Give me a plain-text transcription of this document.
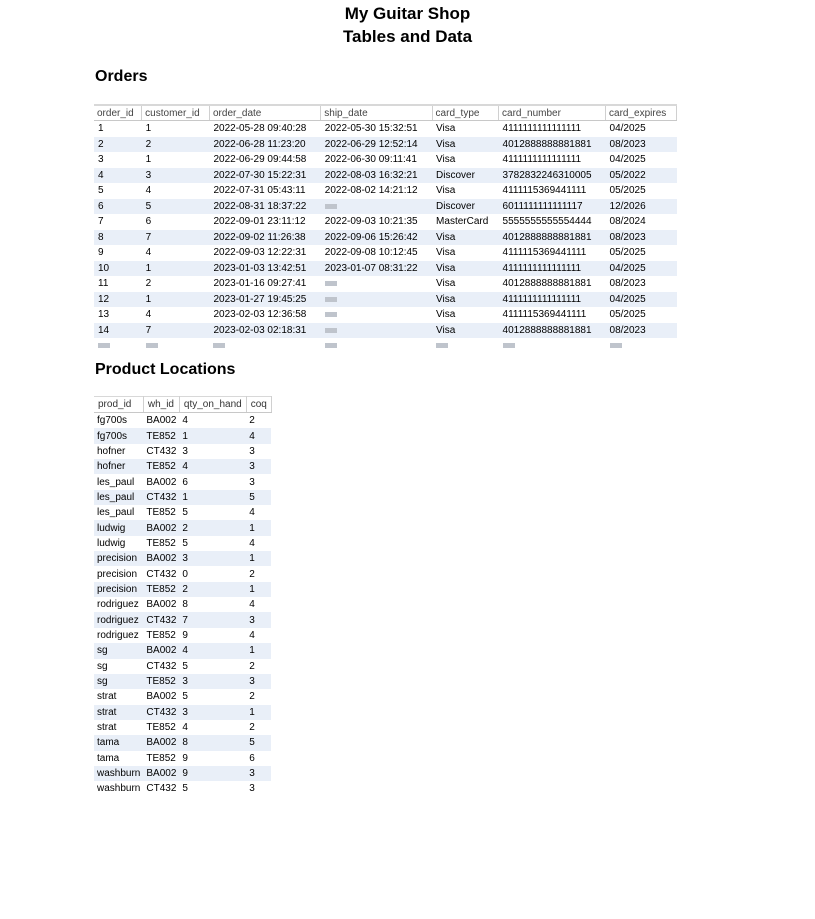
My Guitar Shop
Tables and Data
Orders
order_id	customer_id	order_date	ship_date	card_type	card_number	card_expires
1	1	2022-05-28 09:40:28	2022-05-30 15:32:51	Visa	4111111111111111	04/2025
2	2	2022-06-28 11:23:20	2022-06-29 12:52:14	Visa	4012888888881881	08/2023
3	1	2022-06-29 09:44:58	2022-06-30 09:11:41	Visa	4111111111111111	04/2025
4	3	2022-07-30 15:22:31	2022-08-03 16:32:21	Discover	3782832246310005	05/2022
5	4	2022-07-31 05:43:11	2022-08-02 14:21:12	Visa	4111115369441111	05/2025
6	5	2022-08-31 18:37:22		Discover	6011111111111117	12/2026
7	6	2022-09-01 23:11:12	2022-09-03 10:21:35	MasterCard	5555555555554444	08/2024
8	7	2022-09-02 11:26:38	2022-09-06 15:26:42	Visa	4012888888881881	08/2023
9	4	2022-09-03 12:22:31	2022-09-08 10:12:45	Visa	4111115369441111	05/2025
10	1	2023-01-03 13:42:51	2023-01-07 08:31:22	Visa	4111111111111111	04/2025
11	2	2023-01-16 09:27:41		Visa	4012888888881881	08/2023
12	1	2023-01-27 19:45:25		Visa	4111111111111111	04/2025
13	4	2023-02-03 12:36:58		Visa	4111115369441111	05/2025
14	7	2023-02-03 02:18:31		Visa	4012888888881881	08/2023

Product Locations
prod_id	wh_id	qty_on_hand	coq
fg700s	BA002	4	2
fg700s	TE852	1	4
hofner	CT432	3	3
hofner	TE852	4	3
les_paul	BA002	6	3
les_paul	CT432	1	5
les_paul	TE852	5	4
ludwig	BA002	2	1
ludwig	TE852	5	4
precision	BA002	3	1
precision	CT432	0	2
precision	TE852	2	1
rodriguez	BA002	8	4
rodriguez	CT432	7	3
rodriguez	TE852	9	4
sg	BA002	4	1
sg	CT432	5	2
sg	TE852	3	3
strat	BA002	5	2
strat	CT432	3	1
strat	TE852	4	2
tama	BA002	8	5
tama	TE852	9	6
washburn	BA002	9	3
washburn	CT432	5	3
